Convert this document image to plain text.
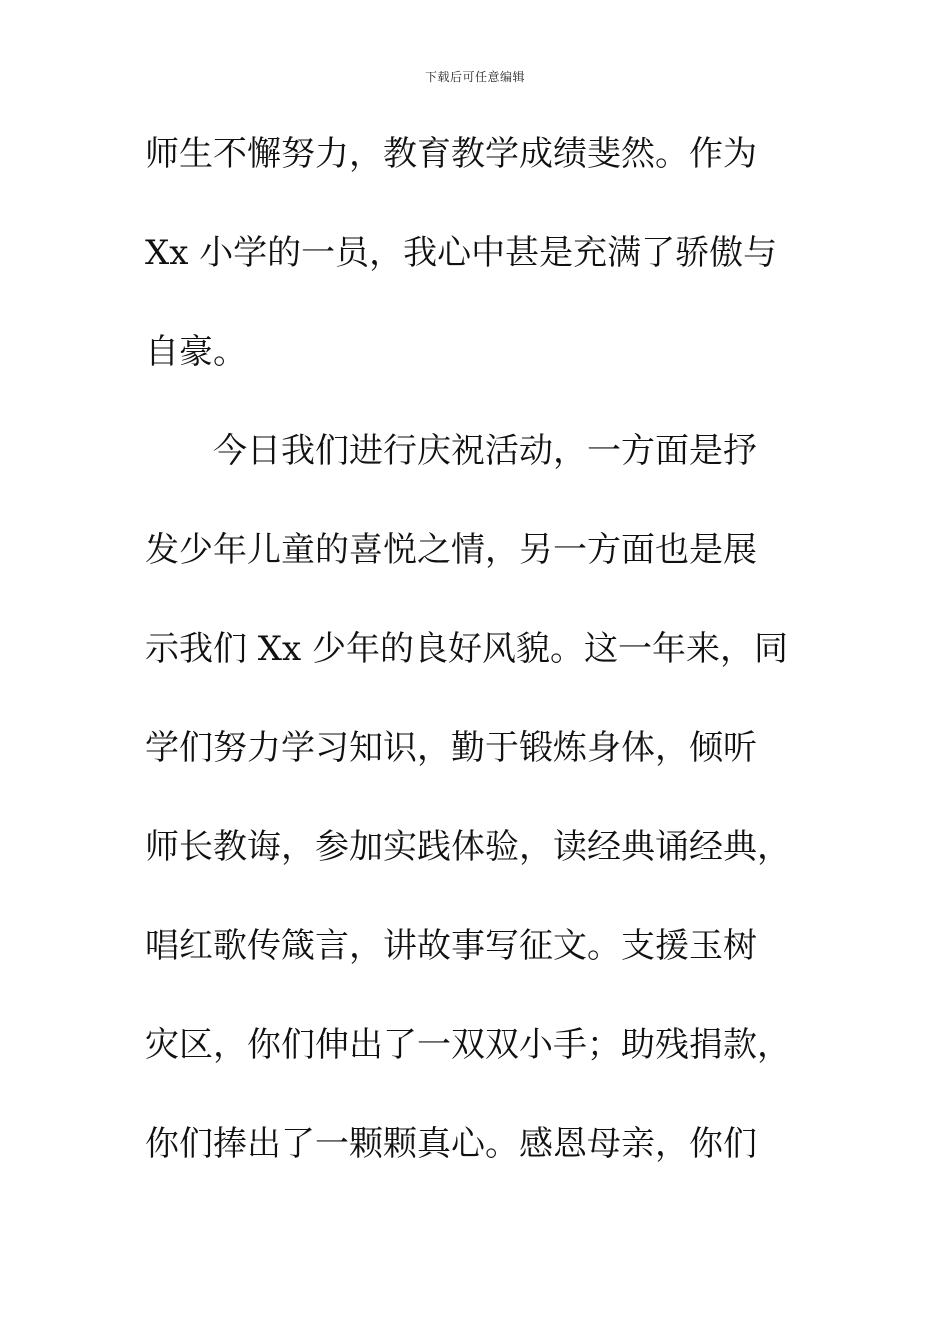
下载后可任意编辑
师生不懈努力，教育教学成绩斐然。作为
Xx 小学的一员，我心中甚是充满了骄傲与
自豪。
　　今日我们进行庆祝活动，一方面是抒
发少年儿童的喜悦之情，另一方面也是展
示我们 Xx 少年的良好风貌。这一年来，同
学们努力学习知识，勤于锻炼身体，倾听
师长教诲，参加实践体验，读经典诵经典，
唱红歌传箴言，讲故事写征文。支援玉树
灾区，你们伸出了一双双小手；助残捐款，
你们捧出了一颗颗真心。感恩母亲，你们
